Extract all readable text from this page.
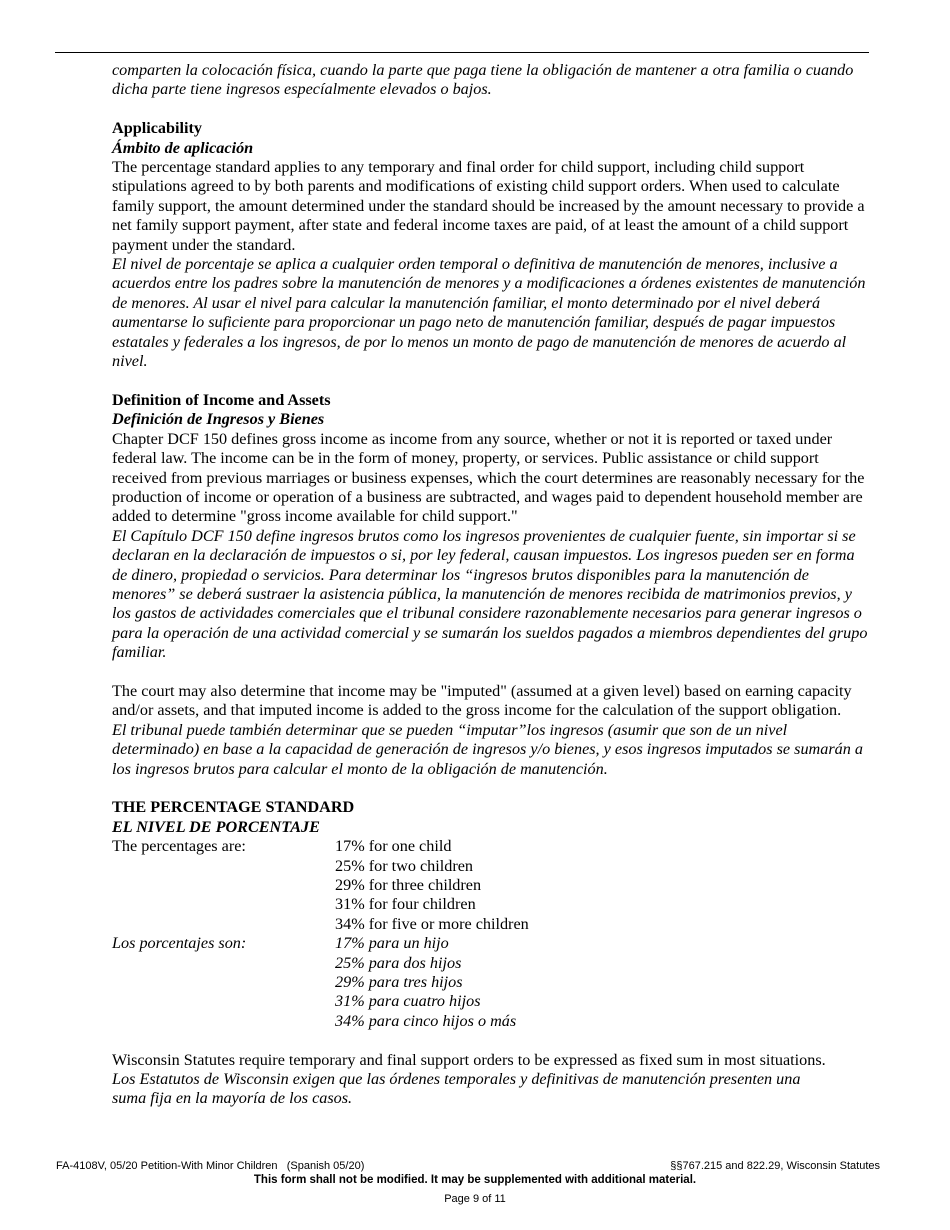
comparten la colocación física, cuando la parte que paga tiene la obligación de mantener a otra familia o cuando dicha parte tiene ingresos especíalmente elevados o bajos.

Applicability

Ámbito de aplicación

The percentage standard applies to any temporary and final order for child support, including child support stipulations agreed to by both parents and modifications of existing child support orders. When used to calculate family support, the amount determined under the standard should be increased by the amount necessary to provide a net family support payment, after state and federal income taxes are paid, of at least the amount of a child support payment under the standard.

El nivel de porcentaje se aplica a cualquier orden temporal o definitiva de manutención de menores, inclusive a acuerdos entre los padres sobre la manutención de menores y a modificaciones a órdenes existentes de manutención de menores. Al usar el nivel para calcular la manutención familiar, el monto determinado por el nivel deberá aumentarse lo suficiente para proporcionar un pago neto de manutención familiar, después de pagar impuestos estatales y federales a los ingresos, de por lo menos un monto de pago de manutención de menores de acuerdo al nivel.

Definition of Income and Assets

Definición de Ingresos y Bienes

Chapter DCF 150 defines gross income as income from any source, whether or not it is reported or taxed under federal law. The income can be in the form of money, property, or services. Public assistance or child support received from previous marriages or business expenses, which the court determines are reasonably necessary for the production of income or operation of a business are subtracted, and wages paid to dependent household member are added to determine "gross income available for child support."

El Capítulo DCF 150 define ingresos brutos como los ingresos provenientes de cualquier fuente, sin importar si se declaran en la declaración de impuestos o si, por ley federal, causan impuestos. Los ingresos pueden ser en forma de dinero, propiedad o servicios. Para determinar los “ingresos brutos disponibles para la manutención de menores” se deberá sustraer la asistencia pública, la manutención de menores recibida de matrimonios previos, y los gastos de actividades comerciales que el tribunal considere razonablemente necesarios para generar ingresos o para la operación de una actividad comercial y se sumarán los sueldos pagados a miembros dependientes del grupo familiar.

The court may also determine that income may be "imputed" (assumed at a given level) based on earning capacity and/or assets, and that imputed income is added to the gross income for the calculation of the support obligation.

El tribunal puede también determinar que se pueden “imputar”los ingresos (asumir que son de un nivel determinado) en base a la capacidad de generación de ingresos y/o bienes, y esos ingresos imputados se sumarán a los ingresos brutos para calcular el monto de la obligación de manutención.

THE PERCENTAGE STANDARD

EL NIVEL DE PORCENTAJE

The percentages are:	17% for one child
25% for two children
29% for three children
31% for four children
34% for five or more children
Los porcentajes son:	17% para un hijo
25% para dos hijos
29% para tres hijos
31% para cuatro hijos
34% para cinco hijos o más

Wisconsin Statutes require temporary and final support orders to be expressed as fixed sum in most situations.

Los Estatutos de Wisconsin exigen que las órdenes temporales y definitivas de manutención presenten una suma fija en la mayoría de los casos.

FA-4108V, 05/20 Petition-With Minor Children   (Spanish 05/20)	§§767.215 and 822.29, Wisconsin Statutes
This form shall not be modified. It may be supplemented with additional material.
Page 9 of 11
